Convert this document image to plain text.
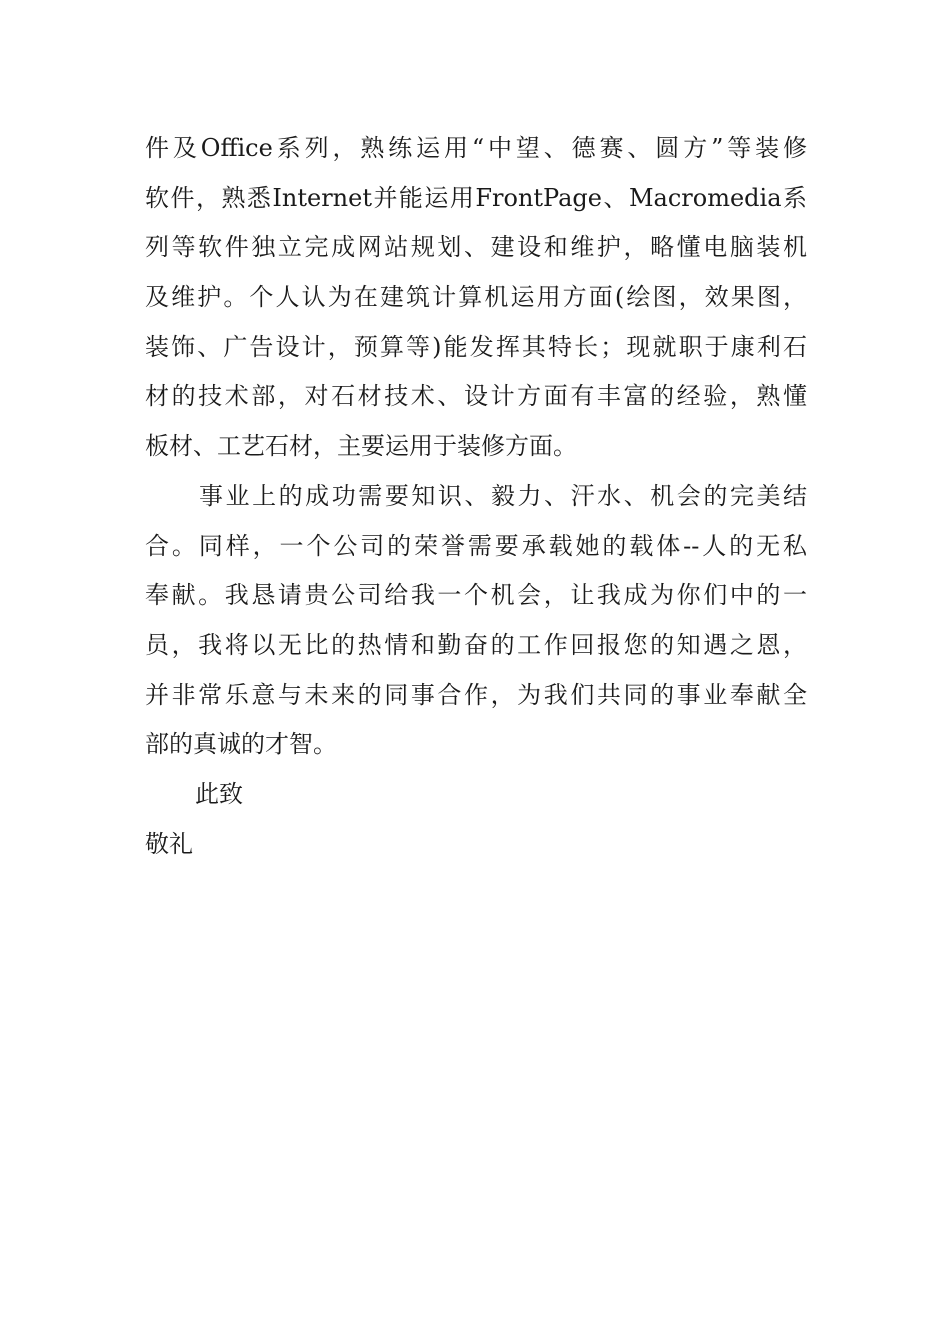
件及Office系列，熟练运用“中望、德赛、圆方”等装修
软件，熟悉Internet并能运用FrontPage、Macromedia系
列等软件独立完成网站规划、建设和维护，略懂电脑装机
及维护。个人认为在建筑计算机运用方面(绘图，效果图，
装饰、广告设计，预算等)能发挥其特长；现就职于康利石
材的技术部，对石材技术、设计方面有丰富的经验，熟懂
板材、工艺石材，主要运用于装修方面。
事业上的成功需要知识、毅力、汗水、机会的完美结
合。同样，一个公司的荣誉需要承载她的载体--人的无私
奉献。我恳请贵公司给我一个机会，让我成为你们中的一
员，我将以无比的热情和勤奋的工作回报您的知遇之恩，
并非常乐意与未来的同事合作，为我们共同的事业奉献全
部的真诚的才智。
此致
敬礼
